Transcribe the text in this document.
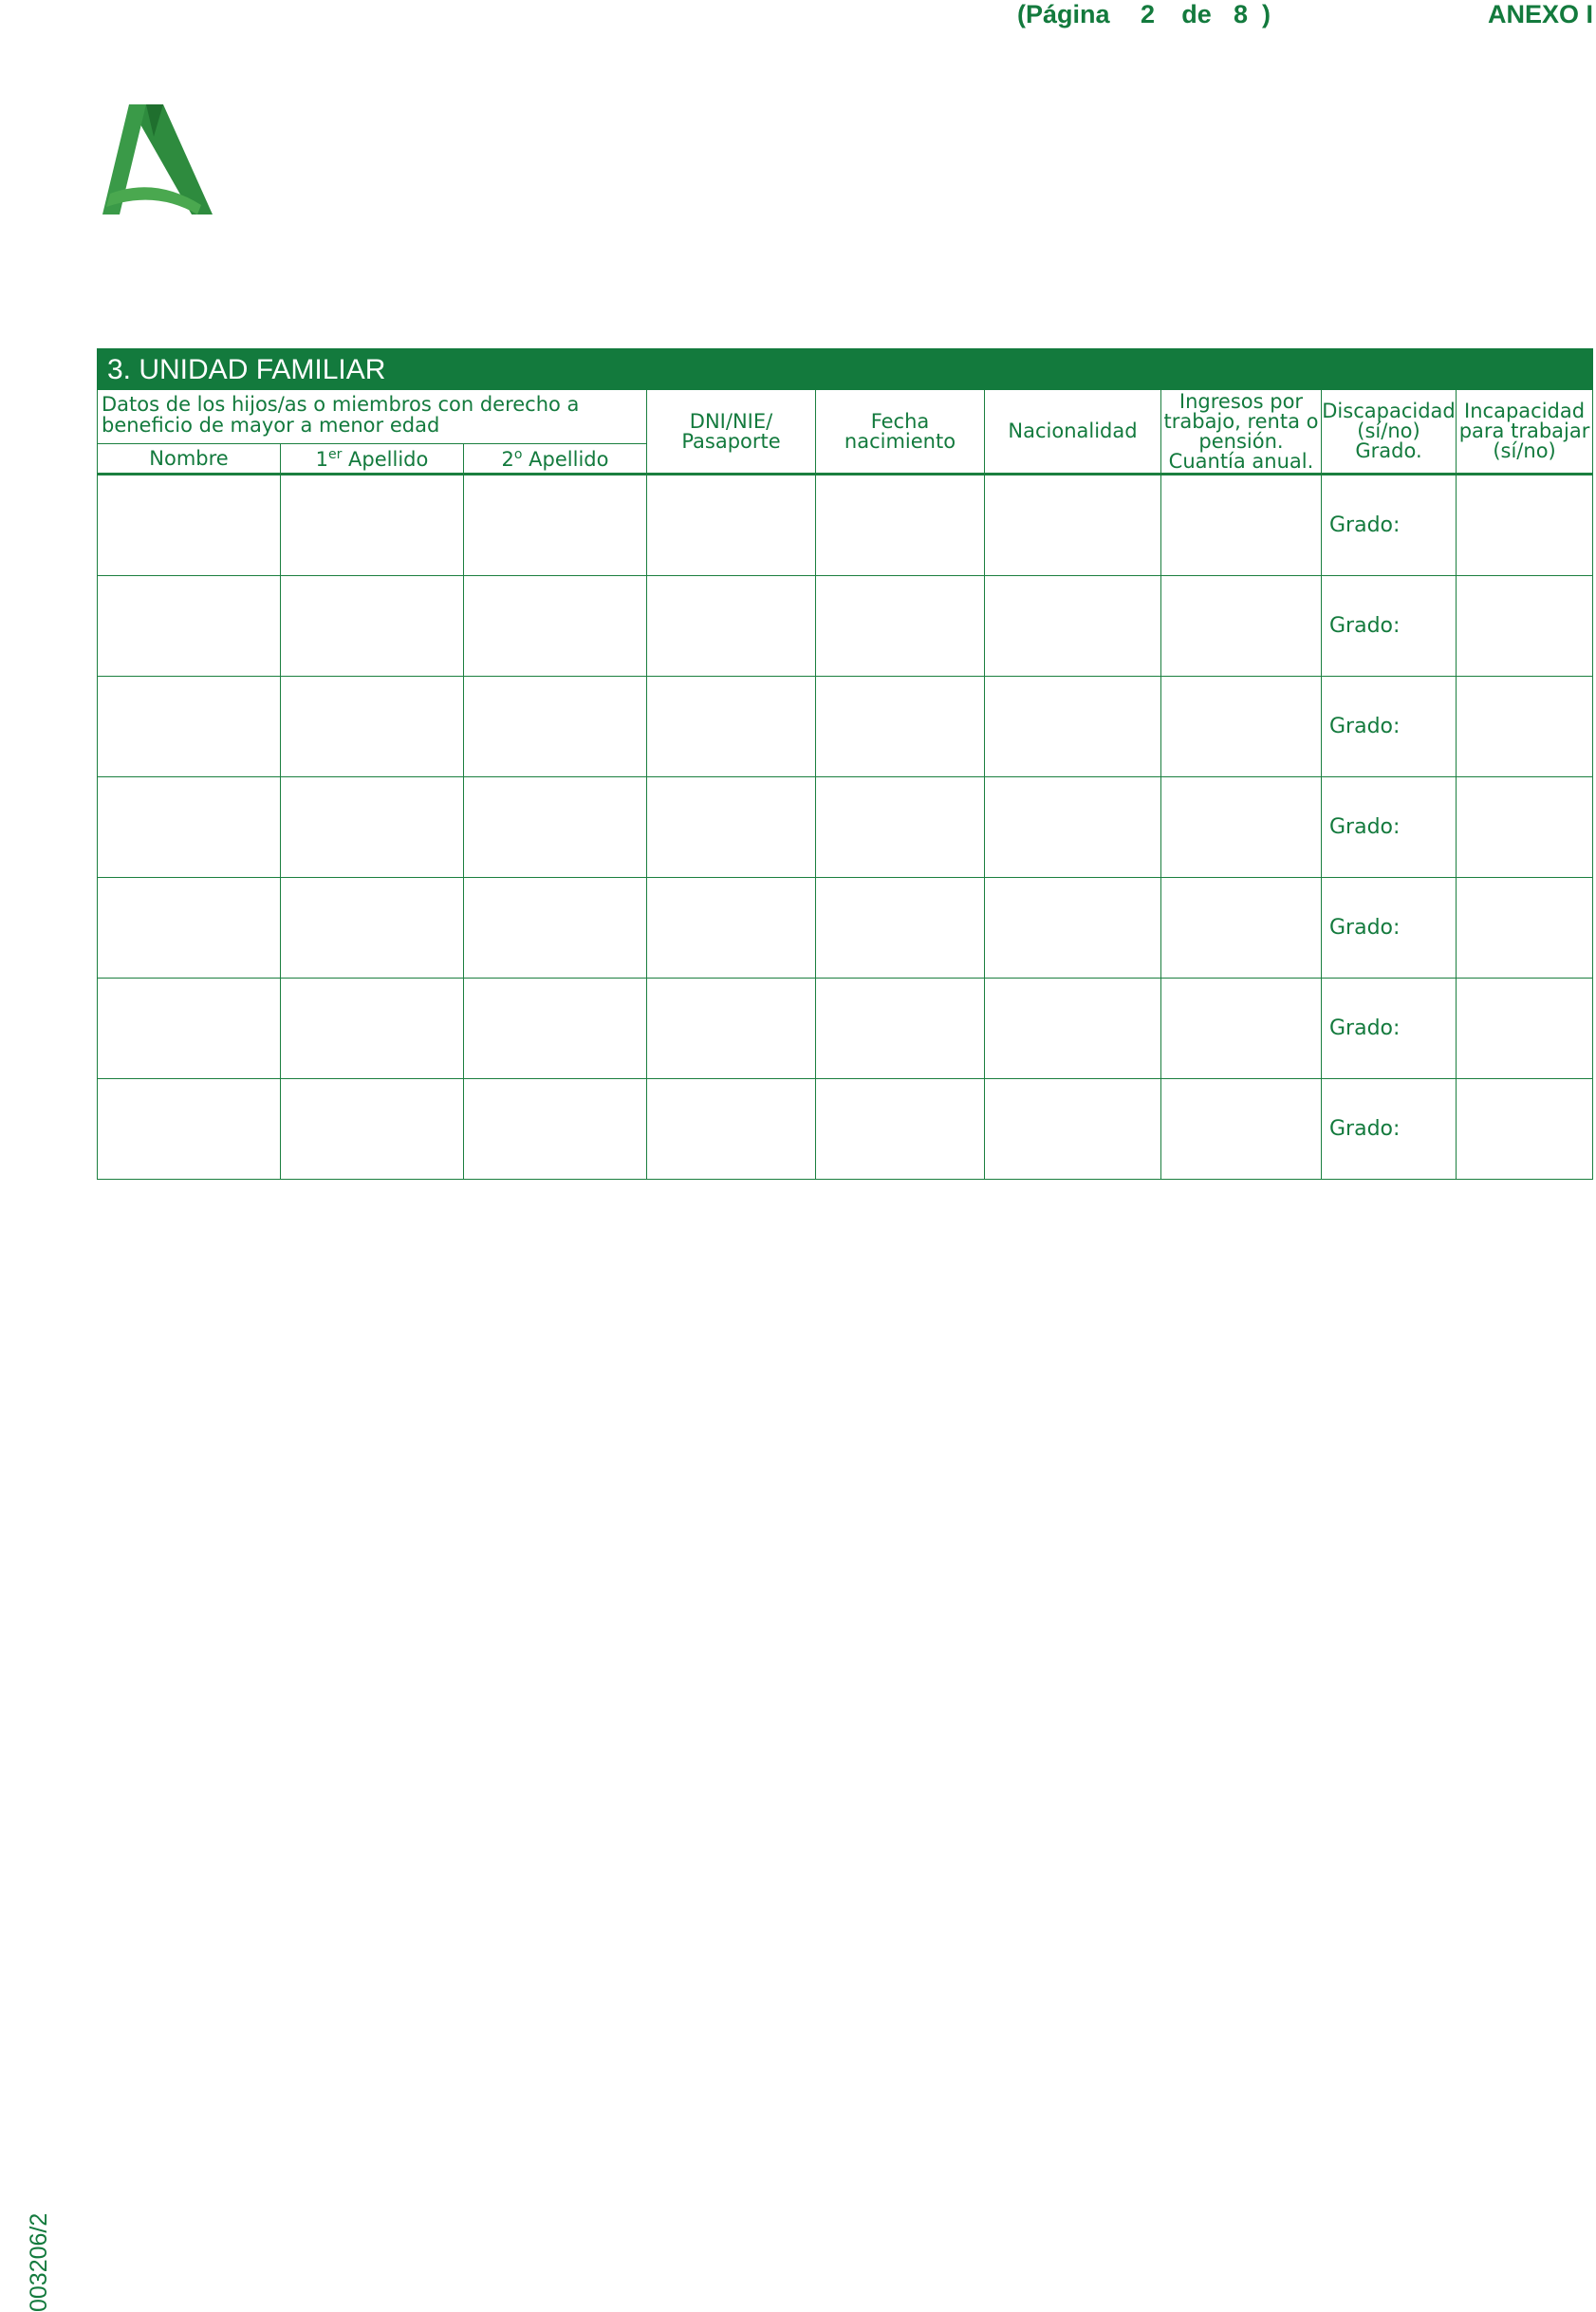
(Página 2 de 8 )	ANEXO I
3. UNIDAD FAMILIAR								
Datos de los hijos/as o miembros con derecho a beneficio de mayor a menor edad			DNI/NIE/ Pasaporte	Fecha nacimiento	Nacionalidad	Ingresos por trabajo, renta o pensión. Cuantía anual.	Discapacidad (sí/no) Grado.	Incapacidad para trabajar (sí/no)
Nombre	1er Apellido	2$^o$ Apellido						
							Grado:	
							Grado:	
							Grado:	
							Grado:	
							Grado:	
							Grado:	
							Grado:	
003206/2
